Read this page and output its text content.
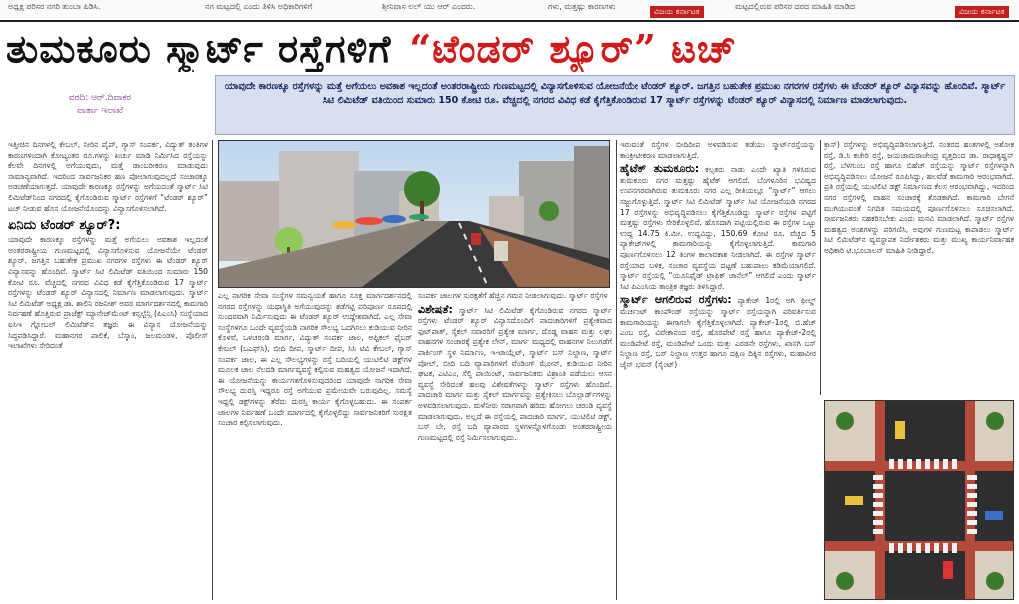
ಅಧ್ಯಕ್ಷ ಪರಿಸರ ನಗರಿ ತುಂಬಾ ಪಿಡಿಸಿ.	ನಗ ಮಟ್ಟದಲ್ಲಿ ಎಂದು ತಿಳಿಸಿ ಅಧಿಕಾರಿಗಳಿಗೆ	ಶ್ರೀನಿವಾಸ ಲಲ್ ಯು ಆರ್ ಎಂದರು.	ಗಳು, ಮತ್ತಷ್ಟು ಕಾರಣಗಳು
ವಿಜಯ ಕರ್ನಾಟಕ
ಮಟ್ಟದಲ್ಲಿರುವ ಪರಿಸರ ದರದ ಮಾಹಿತಿ ಮಾಡಿದ
ವಿಜಯ ಕರ್ನಾಟಕ
ತುಮಕೂರು ಸ್ಮಾರ್ಟ್ ರಸ್ತೆಗಳಿಗೆ “ಟೆಂಡರ್ ಶ್ಯೂರ್” ಟಚ್
ವರದಿ: ಆರ್.ದಿವಾಕರ
ವಾರ್ತಾ ಇಲಾಖೆ
ಯಾವುದೇ ಕಾರಣಕ್ಕೂ ರಸ್ತೆಗಳನ್ನು ಮತ್ತೆ ಅಗೆಯಲು ಅವಕಾಶ ಇಲ್ಲದಂತೆ ಅಂತರರಾಷ್ಟ್ರೀಯ ಗುಣಮಟ್ಟದಲ್ಲಿ ವಿನ್ಯಾಸಗೊಳಿಸುವ ಯೋಜನೆಯೇ ಟೆಂಡರ್ ಶ್ಯೂರ್. ಜಗತ್ತಿನ ಬಹುತೇಕ ಪ್ರಮುಖ ನಗರಗಳ ರಸ್ತೆಗಳು ಈ ಟೆಂಡರ್ ಶ್ಯೂರ್ ವಿನ್ಯಾಸವನ್ನು ಹೊಂದಿವೆ. ಸ್ಮಾರ್ಟ್ ಸಿಟಿ ಲಿಮಿಟೆಡ್ ವತಿಯಿಂದ ಸುಮಾರು 150 ಕೋಟಿ ರೂ. ವೆಚ್ಚದಲ್ಲಿ ನಗರದ ವಿವಿಧ ಕಡೆ ಕೈಗೆತ್ತಿಕೊಂಡಿರುವ 17 ಸ್ಮಾರ್ಟ್ ರಸ್ತೆಗಳನ್ನು ಟೆಂಡರ್ ಶ್ಯೂರ್ ವಿನ್ಯಾಸದಲ್ಲಿ ನಿರ್ಮಾಣ ಮಾಡಲಾಗುವುದು.

ಇತ್ತೀಚಿನ ದಿನಗಳಲ್ಲಿ ಕೇಬಲ್, ನೀರಿನ ಪೈಪ್, ಗ್ಯಾಸ್ ಸಂಪರ್ಕ, ವಿದ್ಯುತ್ ತಂತಿಗಳ ಕಾರಣಗಳಿಂದಾಗಿ ಕೋಟ್ಯಂತರ ರೂ.ಗಳನ್ನು ಖರ್ಚು ಮಾಡಿ ನಿರ್ಮಿಸಿದ ರಸ್ತೆಯನ್ನು ಕೆಲವೇ ದಿನಗಳಲ್ಲಿ ಅಗೆಯುವುದು, ಮತ್ತೆ ಡಾಂಬರೀಕರಣ ಮಾಡುವುದು ಸಾಮಾನ್ಯವಾಗಿದೆ. ಇದರಿಂದ ಸಾರ್ವಜನಿಕರ ಹಣ ಪೋಲಾಗುವುದಲ್ಲದೆ ಸಂಚಾರಕ್ಕೂ ಅಡಚಣೆಯಾಗುತ್ತದೆ. ಯಾವುದೇ ಕಾರಣಕ್ಕೂ ರಸ್ತೆಗಳನ್ನು ಅಗೆಯದಂತೆ ಸ್ಮಾರ್ಟ್ ಸಿಟಿ ಲಿಮಿಟೆಡ್‌ನಿಂದ ನಗರದಲ್ಲಿ ಕೈಗೊಂಡಿರುವ ಸ್ಮಾರ್ಟ್ ರಸ್ತೆಗಳಿಗೆ “ಟೆಂಡರ್ ಶ್ಯೂರ್” ಟಚ್ ನೀಡುವ ಹೊಸ ಯೋಜನೆಯೊಂದನ್ನು ವಿನ್ಯಾಸಗೊಳಿಸಲಾಗಿದೆ.

ಏನಿದು ಟೆಂಡರ್ ಶ್ಯೂರ್?:

ಯಾವುದೇ ಕಾರಣಕ್ಕೂ ರಸ್ತೆಗಳನ್ನು ಮತ್ತೆ ಅಗೆಯಲು ಅವಕಾಶ ಇಲ್ಲದಂತೆ ಅಂತರರಾಷ್ಟ್ರೀಯ ಗುಣಮಟ್ಟದಲ್ಲಿ ವಿನ್ಯಾಸಗೊಳಿಸುವ ಯೋಜನೆಯೇ ಟೆಂಡರ್ ಶ್ಯೂರ್. ಜಗತ್ತಿನ ಬಹುತೇಕ ಪ್ರಮುಖ ನಗರಗಳ ರಸ್ತೆಗಳು ಈ ಟೆಂಡರ್ ಶ್ಯೂರ್ ವಿನ್ಯಾಸವನ್ನು ಹೊಂದಿವೆ. ಸ್ಮಾರ್ಟ್ ಸಿಟಿ ಲಿಮಿಟೆಡ್ ವತಿಯಿಂದ ಸುಮಾರು 150 ಕೋಟಿ ರೂ. ವೆಚ್ಚದಲ್ಲಿ ನಗರದ ವಿವಿಧ ಕಡೆ ಕೈಗೆತ್ತಿಕೊಂಡಿರುವ 17 ಸ್ಮಾರ್ಟ್ ರಸ್ತೆಗಳನ್ನು ಟೆಂಡರ್ ಶ್ಯೂರ್ ವಿನ್ಯಾಸದಲ್ಲಿ ನಿರ್ಮಾಣ ಮಾಡಲಾಗುವುದು. ಸ್ಮಾರ್ಟ್ ಸಿಟಿ ಲಿಮಿಟೆಡ್ ಅಧ್ಯಕ್ಷ ಡಾ. ಶಾಲಿನಿ ರಜನೀಶ್ ಅವರ ಮಾರ್ಗದರ್ಶನದಲ್ಲಿ ಕಾಮಗಾರಿ ನಿರ್ವಹಣೆ ಹೊತ್ತಿರುವ ಪ್ರಾಜೆಕ್ಟ್ ಮ್ಯಾನೇಜ್‌ಮೆಂಟ್ ಕನ್ಸಲ್ಟೆನ್ಸಿ (ಪಿಎಂಸಿ) ಸಂಸ್ಥೆಯಾದ ಐಸಿಇ ಗ್ಲೋಬಲ್ ಲಿಮಿಟೆಡ್‌ನ ತಜ್ಞರು ಈ ವಿನ್ಯಾಸ ಯೋಜನೆಯನ್ನು ಸಿದ್ಧಪಡಿಸಿದ್ದಾರೆ. ಮಹಾನಗರ ಪಾಲಿಕೆ, ಬೆಸ್ಕಾಂ, ಜಲಮಂಡಳಿ, ಪೊಲೀಸ್ ಇಲಾಖೆಗಳು ಸೇರಿದಂತೆ

ಎಲ್ಲ ನಾಗರಿಕ ಸೇವಾ ಸಂಸ್ಥೆಗಳ ಸಮನ್ವಯತೆ ಹಾಗೂ ಸೂಕ್ತ ಮಾರ್ಗದರ್ಶನದಲ್ಲಿ ನಗರದ ರಸ್ತೆಗಳನ್ನು ಯಥಾಸ್ಥಿತಿ ಅಗೆಯುವುದನ್ನು ತಡೆಗಟ್ಟಿ ಪರಿಪೂರ್ಣ ರೂಪದಲ್ಲಿ ಸುಂದರವಾಗಿ ನಿರ್ಮಿಸುವುದು ಈ ಟೆಂಡರ್ ಶ್ಯೂರ್ ಉದ್ದೇಶವಾಗಿದೆ. ಎಲ್ಲ ಸೇವಾ ಸಂಸ್ಥೆಗಳಿಗೂ ಒಂದೇ ವ್ಯವಸ್ಥೆಯಡಿ ನಾಗರಿಕ ಸೌಲಭ್ಯ ಒದಗಿಸಲು ಕುಡಿಯುವ ನೀರಿನ ಕೊಳವೆ, ಒಳಚರಂಡಿ ಮಾರ್ಗ, ವಿದ್ಯುತ್ ಸಂಪರ್ಕ ಜಾಲ, ಆಪ್ಟಿಕಲ್ ಫೈಬರ್ ಕೇಬಲ್ (ಒಎಫ್‌ಸಿ), ಬೀದಿ ದೀಪ, ಸ್ಮಾರ್ಟ್ ದೀಪ, ಸಿಸಿ ಟಿವಿ ಕೇಬಲ್, ಗ್ಯಾಸ್ ಸಂಪರ್ಕ ಜಾಲ, ಈ ಎಲ್ಲ ಸೌಲಭ್ಯಗಳನ್ನು ರಸ್ತೆ ಬದಿಯಲ್ಲಿ ಯುಟಿಲಿಟಿ ಡಕ್ಟ್‌ಗಳ ಮೂಲಕ ಜಾಲ ನೆಲದಡಿ ಮಾರ್ಗವ್ಯವಸ್ಥೆ ಕಲ್ಪಿಸುವ ಮಹತ್ವದ ಯೋಜನೆ ಇದಾಗಿದೆ. ಈ ಯೋಜನೆಯನ್ನು ಕಾರ್ಯಗತಗೊಳಿಸುವುದರಿಂದ ಯಾವುದೇ ನಾಗರಿಕ ಸೇವಾ ಸೌಲಭ್ಯ ದುರಸ್ತಿ ಇದ್ದರೂ ರಸ್ತೆ ಅಗೆಯುವ ಪ್ರಮೇಯವೇ ಬರುವುದಿಲ್ಲ. ಸಮಸ್ಯೆ ಇದ್ದಲ್ಲಿ ಡಕ್ಟ್‌ಗಳನ್ನು ತೆರೆದು ದುರಸ್ತಿ ಕಾರ್ಯ ಕೈಗೊಳ್ಳಬಹುದು. ಈ ಸಂಪರ್ಕ ಜಾಲಗಳ ನಿರ್ವಹಣೆ ಒಂದೇ ಮಾರ್ಗದಲ್ಲಿ ಕೈಗೊಳ್ಳಲಿದ್ದು ಸಾರ್ವಜನಿಕರಿಗೆ ಸುರಕ್ಷಿತ ಸಂಚಾರ ಕಲ್ಪಿಸಲಾಗುವುದು.

ಸಂಪರ್ಕ ಜಾಲಗಳ ಸುರಕ್ಷತೆಗೆ ಹೆಚ್ಚಿನ ಗಮನ ನೀಡಲಾಗುವುದು. ಸ್ಮಾರ್ಟ್ ರಸ್ತೆಗಳ

ವಿಶೇಷತೆ: ಸ್ಮಾರ್ಟ್ ಸಿಟಿ ಲಿಮಿಟೆಡ್ ಕೈಗೊಂಡಿರುವ ನಗರದ ಸ್ಮಾರ್ಟ್ ರಸ್ತೆಗಳು ಟೆಂಡರ್ ಶ್ಯೂರ್ ವಿನ್ಯಾಸದೊಂದಿಗೆ ಪಾದಚಾರಿಗಳಿಗೆ ಪ್ರತ್ಯೇಕವಾದ ಫುಟ್‌ಪಾತ್, ಸೈಕಲ್ ಸವಾರರಿಗೆ ಪ್ರತ್ಯೇಕ ಮಾರ್ಗ, ದೊಡ್ಡ ವಾಹನ ಮತ್ತು ಲಘು ವಾಹನಗಳ ಸಂಚಾರಕ್ಕೆ ಪ್ರತ್ಯೇಕ ಲೇನ್, ಮಾರ್ಗ ಮಧ್ಯದಲ್ಲಿ ವಾಹನಗಳ ನಿಲುಗಡೆಗೆ ಪಾರ್ಕಿಂಗ್ ಸ್ಥಳ ನಿರ್ಮಾಣ, ಇ-ಟಾಯ್ಲೆಟ್, ಸ್ಮಾರ್ಟ್ ಬಸ್ ನಿಲ್ದಾಣ, ಸ್ಮಾರ್ಟ್ ಪೋಲ್, ಬೀದಿ ಬದಿ ವ್ಯಾಪಾರಿಗಳಿಗೆ ವೆಂಡಿಂಗ್ ಝೋನ್, ಕುಡಿಯುವ ನೀರಿನ ಘಟಕ, ಎಟಿಎಂ, ಸೆಲ್ಫಿ ಪಾಯಿಂಟ್, ಸಾರ್ವಜನಿಕರು ವಿಶ್ರಾಂತಿ ಪಡೆಯಲು ಆಸನ ವ್ಯವಸ್ಥೆ ಸೇರಿದಂತೆ ಹಲವು ವಿಶೇಷತೆಗಳನ್ನು ಸ್ಮಾರ್ಟ್ ರಸ್ತೆಗಳು ಹೊಂದಿವೆ. ಪಾದಚಾರಿ ಮಾರ್ಗ ಮತ್ತು ಸೈಕಲ್ ಮಾರ್ಗವನ್ನು ಪ್ರತ್ಯೇಕಿಸಲು ಬೊಲ್ಲಾರ್ಡ್‌ಗಳನ್ನು ಅಳವಡಿಸಲಾಗುವುದು. ಮಳೆನೀರು ಸರಾಗವಾಗಿ ಹರಿದು ಹೋಗಲು ಚರಂಡಿ ವ್ಯವಸ್ಥೆ ಮಾಡಲಾಗುವುದು. ಅಲ್ಲದೆ ಈ ರಸ್ತೆಯಲ್ಲಿ ಪಾದಚಾರಿ ಮಾರ್ಗ, ಯುಟಿಲಿಟಿ ಡಕ್ಟ್, ಬಸ್ ಬೇ, ರಸ್ತೆ ಬದಿ ವ್ಯಾಪಾರದ ಸ್ಥಳಗಳನ್ನೊಳಗೊಂಡು ಅಂತರರಾಷ್ಟ್ರೀಯ ಗುಣಮಟ್ಟದಲ್ಲಿ ರಸ್ತೆ ನಿರ್ಮಿಸಲಾಗುವುದು.

ಇರುವಂತೆ ರಸ್ತೆಗಳ ಬೀದಿದೀಪ ಅಳವಡಿಸುವ ತಡೆಯು ಸ್ಮಾರ್ಟ್‌ರಸ್ತೆಯನ್ನು ಕಾಂಕ್ರೀಟೀಕರಣ ಮಾಡಲಾಗುತ್ತಿದೆ.

ಹೈಟೆಕ್ ತುಮಕೂರು: ಕಲ್ಪತರು ನಾಡು ಎಂದೇ ಖ್ಯಾತಿ ಗಳಿಸಿರುವ ತುಮಕೂರು ನಗರ ಮತ್ತಷ್ಟು ಹೈಟೆಕ್ ಆಗಲಿದೆ. ಬೆಂಗಳೂರಿನ ಭವಿಷ್ಯದ ಉಪನಗರವಾಗಿರುವ ತುಮಕೂರು ನಗರ ಎಲ್ಲ ರೀತಿಯಲ್ಲೂ “ಸ್ಮಾರ್ಟ್” ಆಗಲು ಸಜ್ಜುಗೊಳ್ಳುತ್ತಿದೆ. ಸ್ಮಾರ್ಟ್ ಸಿಟಿ ಲಿಮಿಟೆಡ್ ಸ್ಮಾರ್ಟ್ ಸಿಟಿ ಯೋಜನೆಯಡಿ ನಗರದ 17 ರಸ್ತೆಗಳನ್ನು ಅಭಿವೃದ್ಧಿಪಡಿಸಲು ಕೈಗೆತ್ತಿಕೊಂಡಿದ್ದು ಸ್ಮಾರ್ಟ್ ರಸ್ತೆಗಳ ಪಟ್ಟಿಗೆ ಮತ್ತಷ್ಟು ರಸ್ತೆಗಳು ಸೇರಿಕೊಳ್ಳಲಿವೆ. ಹೊಸದಾಗಿ ಪಟ್ಟಿಯಲ್ಲಿರುವ ಈ ರಸ್ತೆಗಳ ಒಟ್ಟು ಉದ್ದ 14.75 ಕಿ.ಮೀ. ಉದ್ದವಿದ್ದು, 150.69 ಕೋಟಿ ರೂ. ವೆಚ್ಚದ 5 ಪ್ಯಾಕೇಜ್‌ಗಳಲ್ಲಿ ಕಾಮಗಾರಿಯನ್ನು ಕೈಗೊಳ್ಳಲಾಗುತ್ತಿದೆ. ಕಾಮಗಾರಿ ಪೂರ್ಣಗೊಳಿಸಲು 12 ತಿಂಗಳ ಕಾಲಾವಕಾಶ ನೀಡಲಾಗಿದೆ. ಈ ರಸ್ತೆಗಳ ಸ್ಮಾರ್ಟ್ ರಸ್ತೆಯಾದ ಬಳಿಕ, ಸಂಚಾರ ವ್ಯವಸ್ಥೆಯ ದಟ್ಟಣೆ ಬಹುಪಾಲು ಕಡಿಮೆಯಾಗಲಿದೆ. ಸ್ಮಾರ್ಟ್ ರಸ್ತೆಯಲ್ಲಿ “ಯೂನಿಫೈಡ್ ಟ್ರಾಫಿಕ್ ಚಾನೆಲ್” ಆಗಲಿದೆ ಎಂದು ಸ್ಮಾರ್ಟ್ ಸಿಟಿ ಪಿಎಂಸಿಯ ತಾಂತ್ರಿಕ ತಜ್ಞರು ತಿಳಿಸಿದ್ದಾರೆ.

ಸ್ಮಾರ್ಟ್ ಆಗಲಿರುವ ರಸ್ತೆಗಳು: ಪ್ಯಾಕೇಜ್ 1ರಲ್ಲಿ ಅಗಿ ಫೀಲ್ಡ್ ಮೆರ್ಚಂಟ್ ಕಾಂಪೌಂಡ್ ರಸ್ತೆಯನ್ನು ಸ್ಮಾರ್ಟ್ ರಸ್ತೆಯನ್ನಾಗಿ ಪರಿವರ್ತಿಸುವ ಕಾಮಗಾರಿಯನ್ನು ಈಗಾಗಲೇ ಕೈಗೆತ್ತಿಕೊಳ್ಳಲಾಗಿದೆ. ಪ್ಯಾಕೇಜ್-1ರಲ್ಲಿ ಬಿ.ಹೆಚ್ ಎಂಬ ರಸ್ತೆ, ವಿವೇಕಾನಂದ ರಸ್ತೆ, ಹೊರಪೇಟೆ ರಸ್ತೆ ಹಾಗೂ ಪ್ಯಾಕೇಜ್-2ರಲ್ಲಿ ಮಂಡಿಪೇಟೆ ರಸ್ತೆ, ಮಂಡಿಪೇಟೆ ಒಂದು ಮತ್ತು ಎರಡನೇ ರಸ್ತೆಗಳು, ಖಾಸಗಿ ಬಸ್ ನಿಲ್ದಾಣ ರಸ್ತೆ, ಬಸ್ ನಿಲ್ದಾಣ ಉತ್ತರ ಹಾಗೂ ದಕ್ಷಿಣ ದಿಕ್ಕಿನ ರಸ್ತೆಗಳು, ಮಹಾವೀರ ಜೈನ್ ಭವನ್ (ಸೈಂಟ್)

ಕ್ರಾಸ್) ರಸ್ತೆಗಳನ್ನು ಅಭಿವೃದ್ಧಿಪಡಿಸಲಾಗುತ್ತಿದೆ. ನಂತರದ ಹಂತಗಳಲ್ಲಿ ಅಶೋಕ ರಸ್ತೆ, ಡಿ.ಸಿ ಕಚೇರಿ ರಸ್ತೆ, ಜಯಚಾಮರಾಜೇಂದ್ರ ವೃತ್ತದಿಂದ ಡಾ. ರಾಧಾಕೃಷ್ಣನ್ ರಸ್ತೆ, ಬೆಳಗುಂಬ ರಸ್ತೆ ಹಾಗೂ ಬಿಹೆಚ್ ರಸ್ತೆಯನ್ನು ಸ್ಮಾರ್ಟ್ ರಸ್ತೆಗಳನ್ನಾಗಿ ಅಭಿವೃದ್ಧಿಪಡಿಸಲು ಯೋಜನೆ ರೂಪಿಸಿದ್ದು, ಹಲವೆಡೆ ಕಾಮಗಾರಿ ಆರಂಭವಾಗಿದೆ. ಪ್ರತಿ ರಸ್ತೆಯಲ್ಲಿ ಯುಟಿಲಿಟಿ ಡಕ್ಟ್ ನಿರ್ಮಾಣದ ಕೆಲಸ ಆರಂಭವಾಗಿದ್ದು, ಇದರಿಂದ ನಗರ ರಸ್ತೆಗಳಲ್ಲಿ ವಾಹನ ಸಂಚಾರಕ್ಕೆ ತೊಡಕಾಗಿದೆ. ಕಾಮಗಾರಿ ಬೇಗನೆ ಮುಗಿಯುವಂತೆ ನಿಗದಿತ ಸಮಯದಲ್ಲಿ ಪೂರ್ಣಗೊಳಿಸಲು ಸೂಚಿಸಲಾಗಿದೆ. ಸಾರ್ವಜನಿಕರು ಸಹಕರಿಸಬೇಕು ಎಂದು ಮನವಿ ಮಾಡಲಾಗಿದೆ. ಸ್ಮಾರ್ಟ್ ರಸ್ತೆಗಳ ಮಹತ್ವದ ಅಂಶಗಳನ್ನು ಪರಿಗಣಿಸಿ, ಅವುಗಳ ಗುಣಮಟ್ಟ ಕಾಪಾಡಲು ಸ್ಮಾರ್ಟ್ ಸಿಟಿ ಲಿಮಿಟೆಡ್‌ನ ವ್ಯವಸ್ಥಾಪಕ ನಿರ್ದೇಶಕರು ಮತ್ತು ಮುಖ್ಯ ಕಾರ್ಯನಿರ್ವಾಹಕ ಅಧಿಕಾರಿ ಟಿ.ಭೂಬಾಲನ್ ಮಾಹಿತಿ ನೀಡಿದ್ದಾರೆ.
